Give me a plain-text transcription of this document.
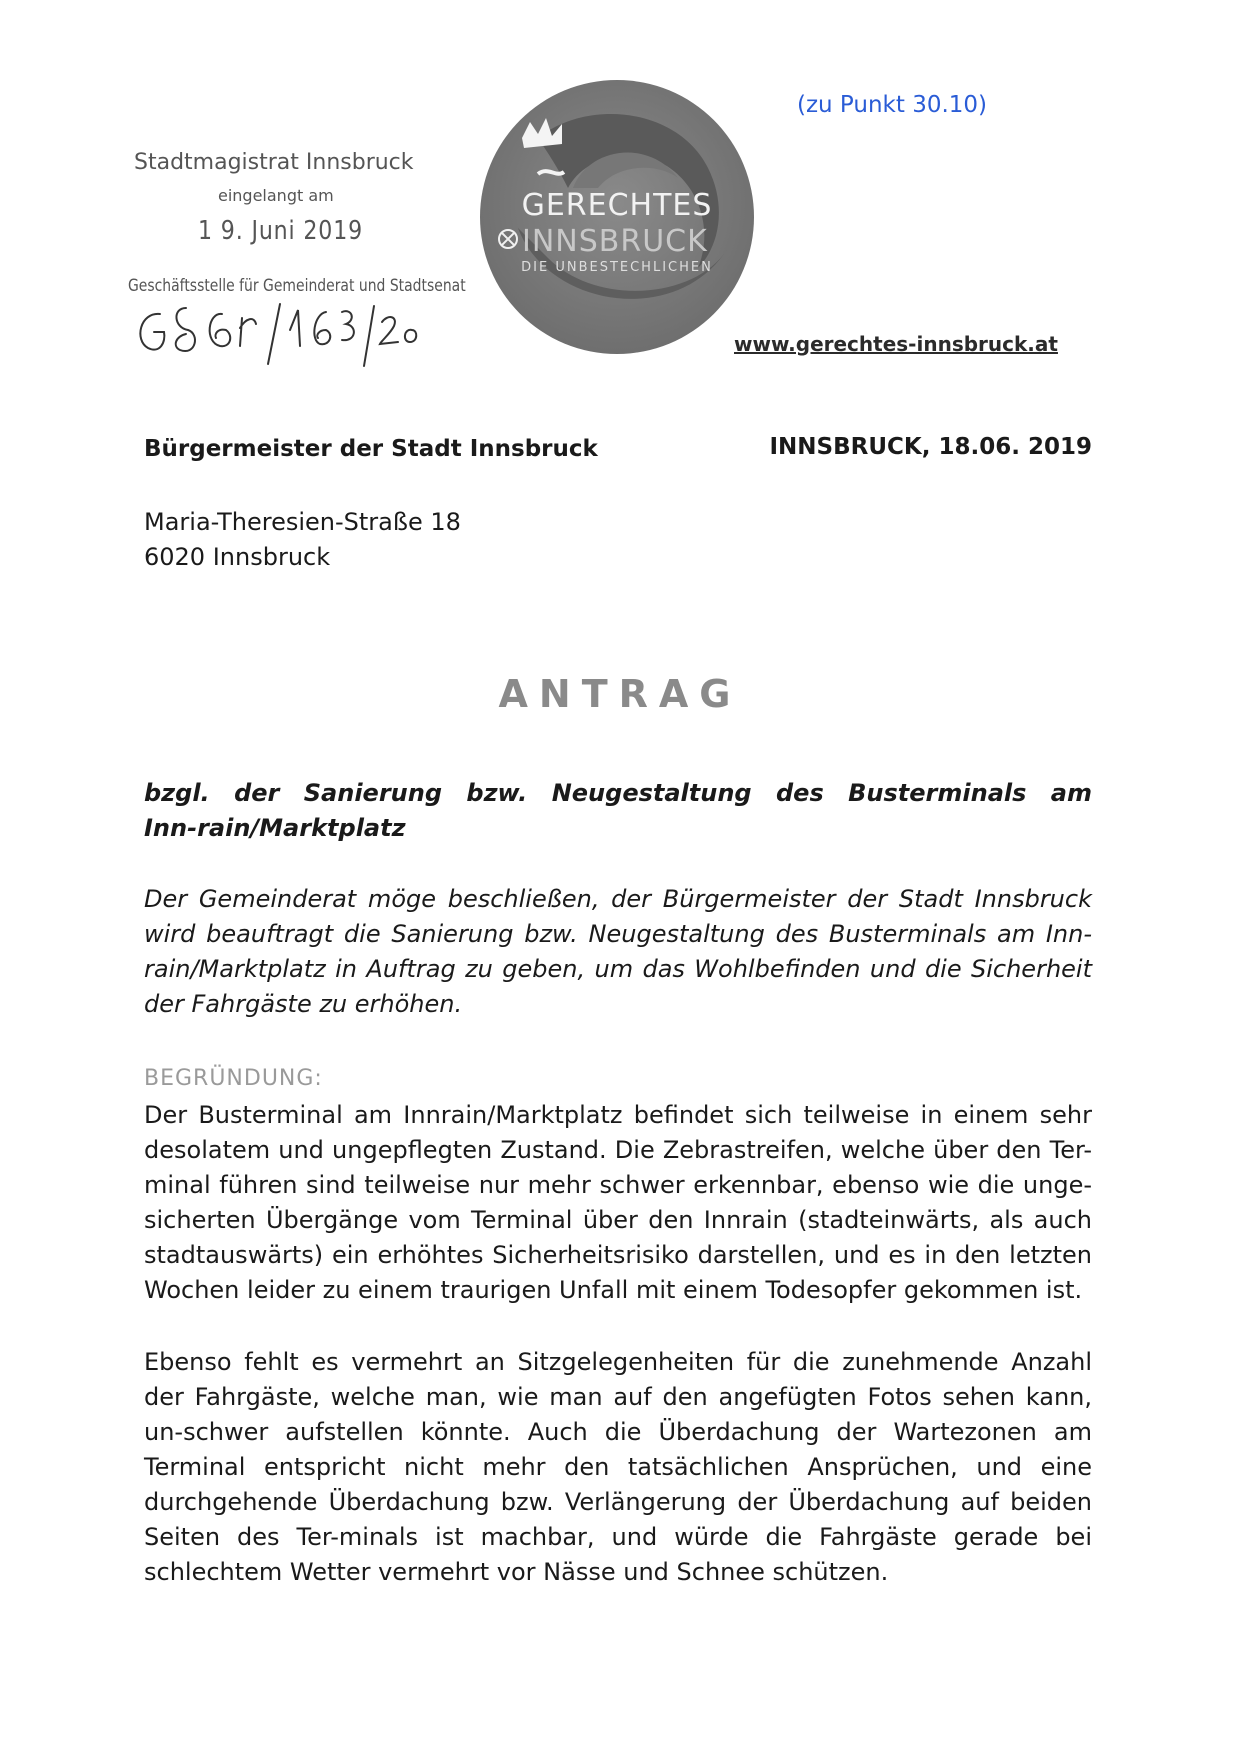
Stadtmagistrat Innsbruck
eingelangt am
1 9. Juni 2019
Geschäftsstelle für Gemeinderat und Stadtsenat
GERECHTES
INNSBRUCK
DIE UNBESTECHLICHEN
(zu Punkt 30.10)
www.gerechtes-innsbruck.at
Bürgermeister der Stadt Innsbruck	INNSBRUCK, 18.06. 2019
Maria-Theresien-Straße 18
6020 Innsbruck
ANTRAG

bzgl. der Sanierung bzw. Neugestaltung des Busterminals am Inn-rain/Marktplatz

Der Gemeinderat möge beschließen, der Bürgermeister der Stadt Innsbruck wird beauftragt die Sanierung bzw. Neugestaltung des Busterminals am Inn-rain/Marktplatz in Auftrag zu geben, um das Wohlbefinden und die Sicherheit der Fahrgäste zu erhöhen.

BEGRÜNDUNG:

Der Busterminal am Innrain/Marktplatz befindet sich teilweise in einem sehr desolatem und ungepflegten Zustand. Die Zebrastreifen, welche über den Ter-minal führen sind teilweise nur mehr schwer erkennbar, ebenso wie die unge-sicherten Übergänge vom Terminal über den Innrain (stadteinwärts, als auch stadtauswärts) ein erhöhtes Sicherheitsrisiko darstellen, und es in den letzten Wochen leider zu einem traurigen Unfall mit einem Todesopfer gekommen ist.

Ebenso fehlt es vermehrt an Sitzgelegenheiten für die zunehmende Anzahl der Fahrgäste, welche man, wie man auf den angefügten Fotos sehen kann, un-schwer aufstellen könnte. Auch die Überdachung der Wartezonen am Terminal entspricht nicht mehr den tatsächlichen Ansprüchen, und eine durchgehende Überdachung bzw. Verlängerung der Überdachung auf beiden Seiten des Ter-minals ist machbar, und würde die Fahrgäste gerade bei schlechtem Wetter vermehrt vor Nässe und Schnee schützen.
